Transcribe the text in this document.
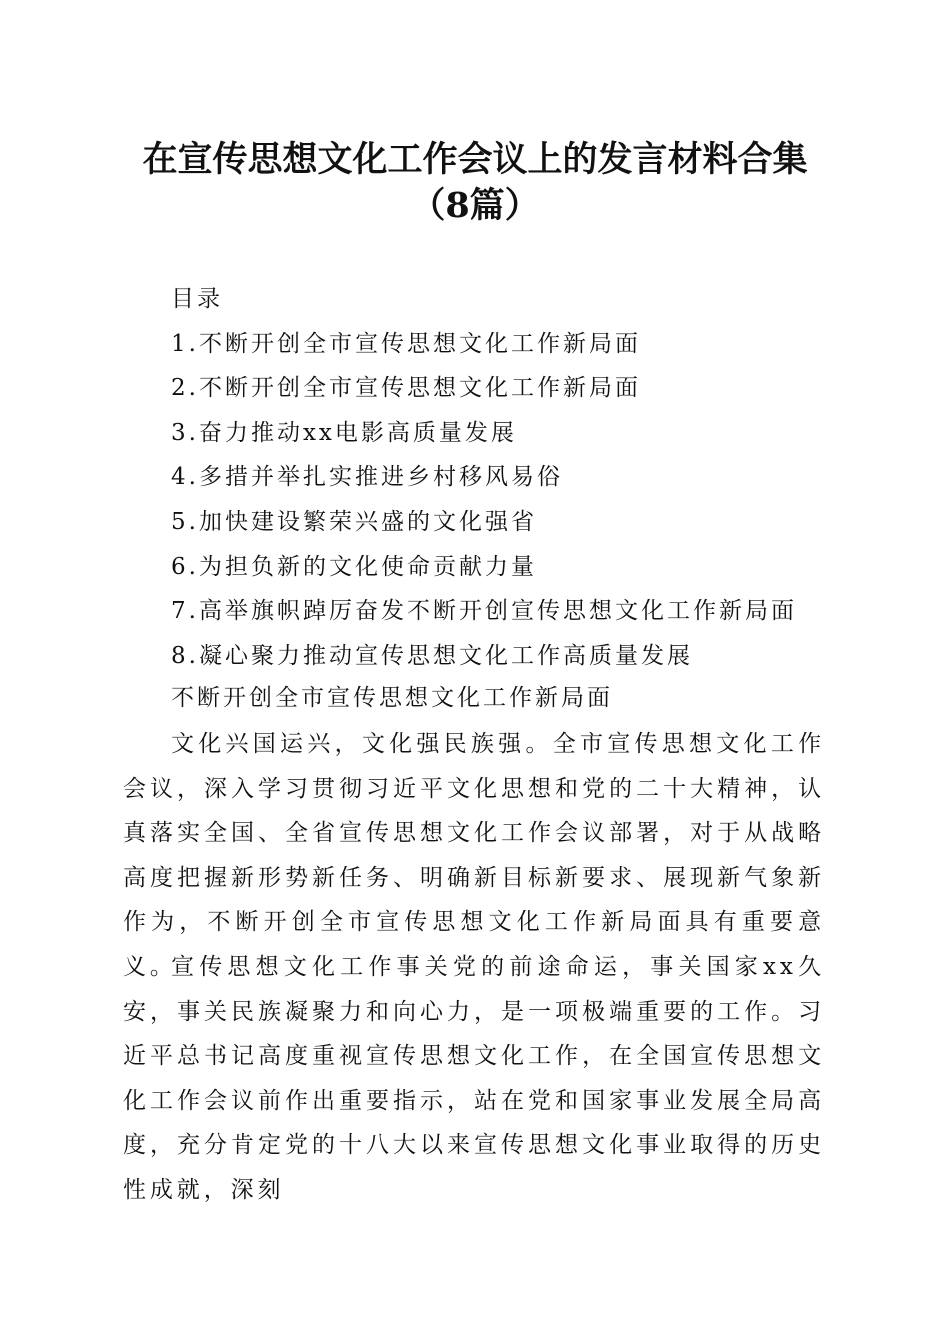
在宣传思想文化工作会议上的发言材料合集
（8篇）
目录
1.不断开创全市宣传思想文化工作新局面
2.不断开创全市宣传思想文化工作新局面
3.奋力推动xx电影高质量发展
4.多措并举扎实推进乡村移风易俗
5.加快建设繁荣兴盛的文化强省
6.为担负新的文化使命贡献力量
7.高举旗帜踔厉奋发不断开创宣传思想文化工作新局面
8.凝心聚力推动宣传思想文化工作高质量发展
不断开创全市宣传思想文化工作新局面

文化兴国运兴，文化强民族强。全市宣传思想文化工作会议，深入学习贯彻习近平文化思想和党的二十大精神，认真落实全国、全省宣传思想文化工作会议部署，对于从战略高度把握新形势新任务、明确新目标新要求、展现新气象新作为，不断开创全市宣传思想文化工作新局面具有重要意义。

宣传思想文化工作事关党的前途命运，事关国家xx久安，事关民族凝聚力和向心力，是一项极端重要的工作。习近平总书记高度重视宣传思想文化工作，在全国宣传思想文化工作会议前作出重要指示，站在党和国家事业发展全局高度，充分肯定党的十八大以来宣传思想文化事业取得的历史性成就，深刻
